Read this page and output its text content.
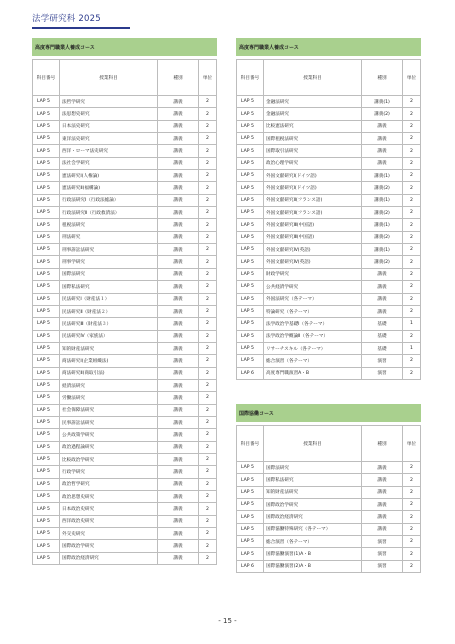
法学研究科 2025
高度専門職業人養成コース			

科目番号	授業科目	種別	単位
LAP 5	法哲学研究	講義	2
LAP 5	法思想史研究	講義	2
LAP 5	日本法史研究	講義	2
LAP 5	東洋法史研究	講義	2
LAP 5	西洋・ローマ法史研究	講義	2
LAP 5	法社会学研究	講義	2
LAP 5	憲法研究Ⅰ(人権論)	講義	2
LAP 5	憲法研究Ⅱ(福構論)	講義	2
LAP 5	行政法研究Ⅰ（行政法総論）	講義	2
LAP 5	行政法研究Ⅱ（行政救済法）	講義	2
LAP 5	租税法研究	講義	2
LAP 5	刑法研究	講義	2
LAP 5	刑事訴訟法研究	講義	2
LAP 5	刑事学研究	講義	2
LAP 5	国際法研究	講義	2
LAP 5	国際私法研究	講義	2
LAP 5	民法研究Ⅰ（財産法１）	講義	2
LAP 5	民法研究Ⅱ（財産法２）	講義	2
LAP 5	民法研究Ⅲ（財産法３）	講義	2
LAP 5	民法研究Ⅳ（家族法）	講義	2
LAP 5	知的財産法研究	講義	2
LAP 5	商法研究Ⅰ(企業組織法)	講義	2
LAP 5	商法研究Ⅱ(商取引法)	講義	2
LAP 5	経済法研究	講義	2
LAP 5	労働法研究	講義	2
LAP 5	社会保障法研究	講義	2
LAP 5	民事訴訟法研究	講義	2
LAP 5	公共政策学研究	講義	2
LAP 5	政治過程論研究	講義	2
LAP 5	比較政治学研究	講義	2
LAP 5	行政学研究	講義	2
LAP 5	政治哲学研究	講義	2
LAP 5	政治思想史研究	講義	2
LAP 5	日本政治史研究	講義	2
LAP 5	西洋政治史研究	講義	2
LAP 5	外交史研究	講義	2
LAP 5	国際政治学研究	講義	2
LAP 5	国際政治経済研究	講義	2
高度専門職業人養成コース			

科目番号	授業科目	種別	単位
LAP 5	金融法研究	講義(1)	2
LAP 5	金融法研究	講義(2)	2
LAP 5	比較憲法研究	講義	2
LAP 5	国際租税法研究	講義	2
LAP 5	国際取引法研究	講義	2
LAP 5	政治心理学研究	講義	2
LAP 5	外国文献研究Ⅰ(ドイツ語)	講義(1)	2
LAP 5	外国文献研究Ⅰ(ドイツ語)	講義(2)	2
LAP 5	外国文献研究Ⅱ(フランス語)	講義(1)	2
LAP 5	外国文献研究Ⅱ(フランス語)	講義(2)	2
LAP 5	外国文献研究Ⅲ(中国語)	講義(1)	2
LAP 5	外国文献研究Ⅲ(中国語)	講義(2)	2
LAP 5	外国文献研究Ⅳ(英語)	講義(1)	2
LAP 5	外国文献研究Ⅳ(英語)	講義(2)	2
LAP 5	財政学研究	講義	2
LAP 5	公共経済学研究	講義	2
LAP 5	外国法研究（各テーマ）	講義	2
LAP 5	特論研究（各テーマ）	講義	2
LAP 5	法学政治学基礎Ⅰ（各テーマ）	基礎	1
LAP 5	法学政治学概論Ⅱ（各テーマ）	基礎	2
LAP 5	リサーチスキル（各テーマ）	基礎	1
LAP 5	総合演習（各テーマ）	演習	2
LAP 6	高度専門職演習A・B	演習	2
国際協働コース			

科目番号	授業科目	種別	単位
LAP 5	国際法研究	講義	2
LAP 5	国際私法研究	講義	2
LAP 5	知的財産法研究	講義	2
LAP 5	国際政治学研究	講義	2
LAP 5	国際政治経済研究	講義	2
LAP 5	国際協働特殊研究（各テーマ）	講義	2
LAP 5	総合演習（各テーマ）	演習	2
LAP 5	国際協働演習(1)A・B	演習	2
LAP 6	国際協働演習(2)A・B	演習	2
- 15 -
